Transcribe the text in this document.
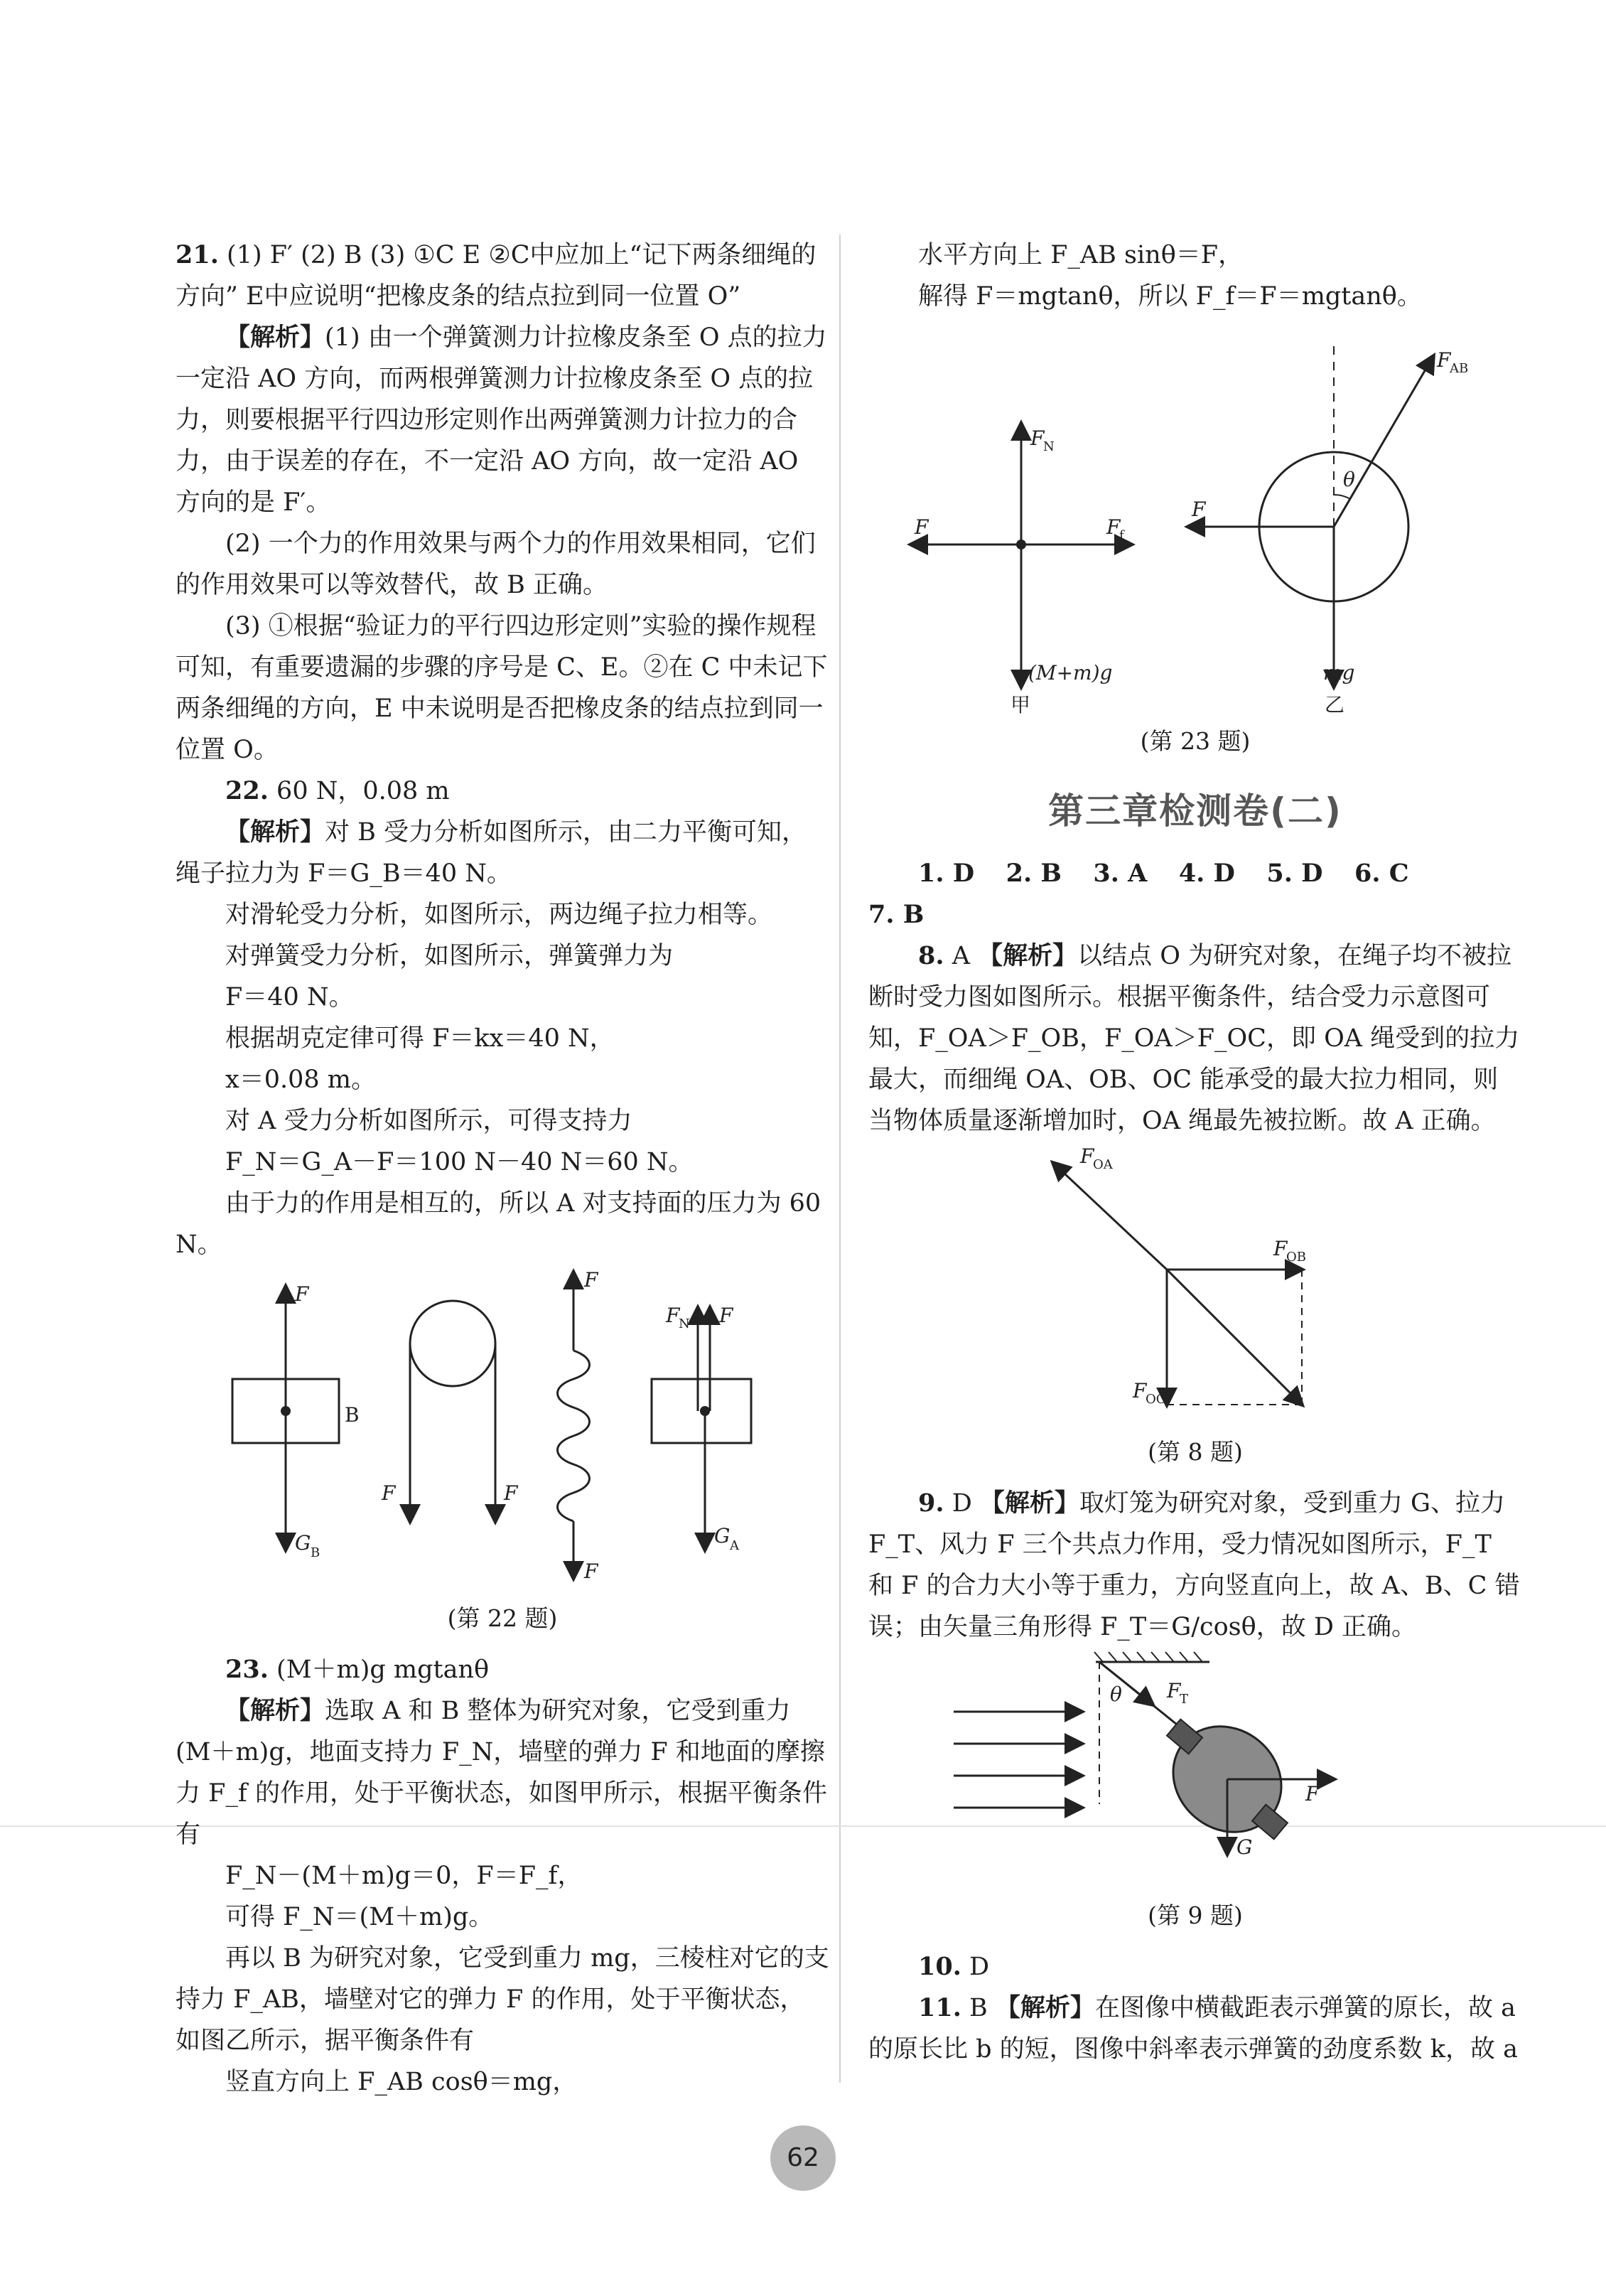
21. (1) F′ (2) B (3) ①C E ②C中应加上“记下两条细绳的方向” E中应说明“把橡皮条的结点拉到同一位置 O”

【解析】(1) 由一个弹簧测力计拉橡皮条至 O 点的拉力一定沿 AO 方向，而两根弹簧测力计拉橡皮条至 O 点的拉力，则要根据平行四边形定则作出两弹簧测力计拉力的合力，由于误差的存在，不一定沿 AO 方向，故一定沿 AO 方向的是 F′。

(2) 一个力的作用效果与两个力的作用效果相同，它们的作用效果可以等效替代，故 B 正确。

(3) ①根据“验证力的平行四边形定则”实验的操作规程可知，有重要遗漏的步骤的序号是 C、E。②在 C 中未记下两条细绳的方向，E 中未说明是否把橡皮条的结点拉到同一位置 O。

22. 60 N，0.08 m

【解析】对 B 受力分析如图所示，由二力平衡可知，绳子拉力为 F＝G_B＝40 N。

对滑轮受力分析，如图所示，两边绳子拉力相等。

对弹簧受力分析，如图所示，弹簧弹力为

F＝40 N。

根据胡克定律可得 F＝kx＝40 N，

x＝0.08 m。

对 A 受力分析如图所示，可得支持力

F_N＝G_A－F＝100 N－40 N＝60 N。

由于力的作用是相互的，所以 A 对支持面的压力为 60 N。

F
G B
B
F	F
F
F
F
N F
G A
(第 22 题)

23. (M＋m)g mgtanθ

【解析】选取 A 和 B 整体为研究对象，它受到重力 (M＋m)g，地面支持力 F_N，墙壁的弹力 F 和地面的摩擦力 F_f 的作用，处于平衡状态，如图甲所示，根据平衡条件有

F_N－(M＋m)g＝0，F＝F_f，

可得 F_N＝(M＋m)g。

再以 B 为研究对象，它受到重力 mg，三棱柱对它的支持力 F_AB，墙壁对它的弹力 F 的作用，处于平衡状态，如图乙所示，据平衡条件有

竖直方向上 F_AB cosθ＝mg，

水平方向上 F_AB sinθ＝F，

解得 F＝mgtanθ，所以 F_f＝F＝mgtanθ。

F
N
F	F
f
(M+m)g
θ
F
AB
F
mg
甲	乙
(第 23 题)
第三章检测卷(二)

1. D 2. B 3. A 4. D 5. D 6. C

7. B

8. A 【解析】以结点 O 为研究对象，在绳子均不被拉断时受力图如图所示。根据平衡条件，结合受力示意图可知，F_OA＞F_OB，F_OA＞F_OC，即 OA 绳受到的拉力最大，而细绳 OA、OB、OC 能承受的最大拉力相同，则当物体质量逐渐增加时，OA 绳最先被拉断。故 A 正确。

F
OA
F
OB
F
OC
(第 8 题)

9. D 【解析】取灯笼为研究对象，受到重力 G、拉力 F_T、风力 F 三个共点力作用，受力情况如图所示，F_T 和 F 的合力大小等于重力，方向竖直向上，故 A、B、C 错误；由矢量三角形得 F_T＝G/cosθ，故 D 正确。

θ F
T
F
G
(第 9 题)

10. D

11. B 【解析】在图像中横截距表示弹簧的原长，故 a 的原长比 b 的短，图像中斜率表示弹簧的劲度系数 k，故 a

62
